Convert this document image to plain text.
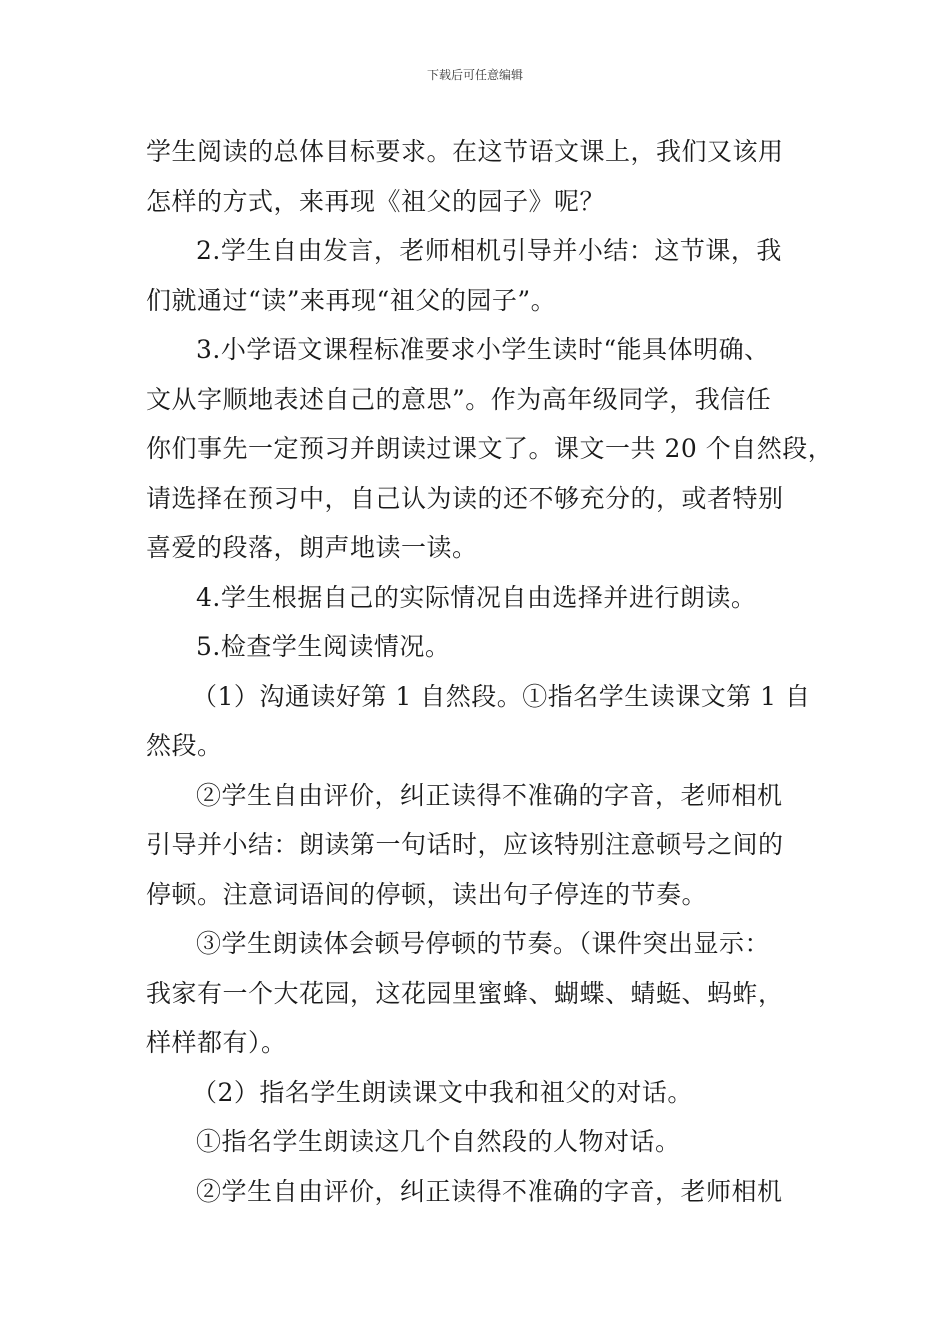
下载后可任意编辑
学生阅读的总体目标要求。在这节语文课上，我们又该用
怎样的方式，来再现《祖父的园子》呢？
2.学生自由发言，老师相机引导并小结：这节课，我
们就通过“读”来再现“祖父的园子”。
3.小学语文课程标准要求小学生读时“能具体明确、
文从字顺地表述自己的意思”。作为高年级同学，我信任
你们事先一定预习并朗读过课文了。课文一共 20 个自然段，
请选择在预习中，自己认为读的还不够充分的，或者特别
喜爱的段落，朗声地读一读。
4.学生根据自己的实际情况自由选择并进行朗读。
5.检查学生阅读情况。
（1）沟通读好第 1 自然段。①指名学生读课文第 1 自
然段。
②学生自由评价，纠正读得不准确的字音，老师相机
引导并小结：朗读第一句话时，应该特别注意顿号之间的
停顿。注意词语间的停顿，读出句子停连的节奏。
③学生朗读体会顿号停顿的节奏。（课件突出显示：
我家有一个大花园，这花园里蜜蜂、蝴蝶、蜻蜓、蚂蚱，
样样都有）。
（2）指名学生朗读课文中我和祖父的对话。
①指名学生朗读这几个自然段的人物对话。
②学生自由评价，纠正读得不准确的字音，老师相机
